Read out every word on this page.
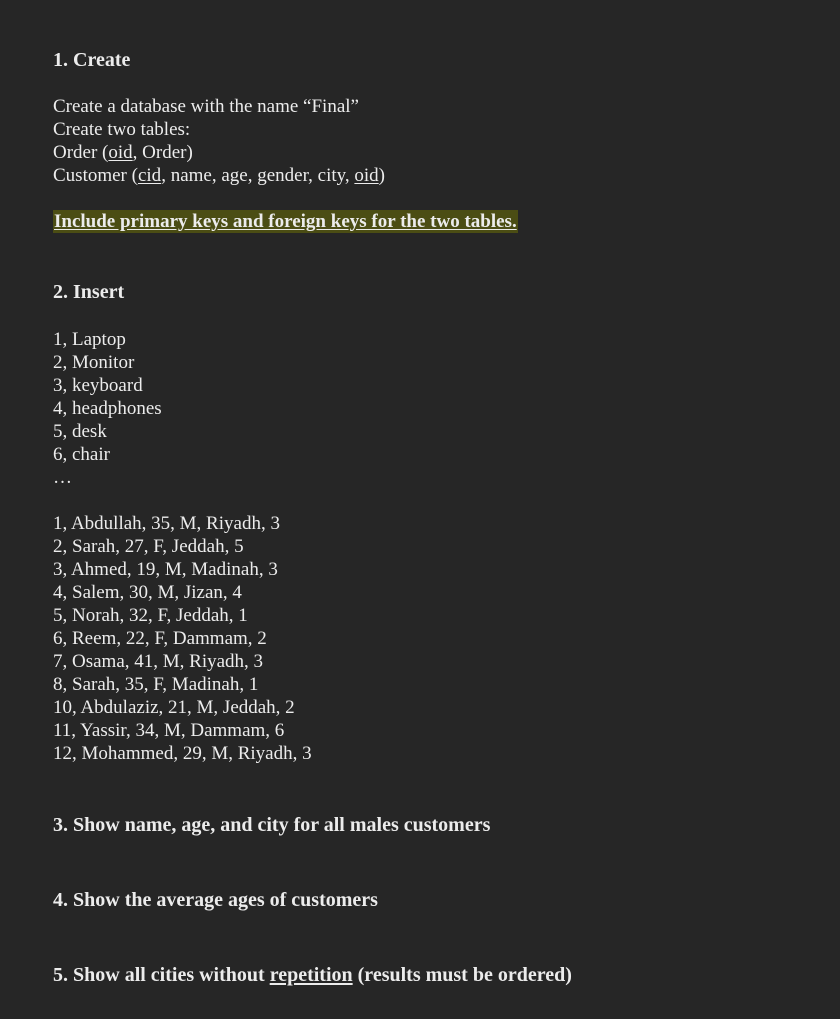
1. Create

Create a database with the name “Final”
Create two tables:
Order (oid, Order)
Customer (cid, name, age, gender, city, oid)
Include primary keys and foreign keys for the two tables.

2. Insert

1, Laptop
2, Monitor
3, keyboard
4, headphones
5, desk
6, chair
…
1, Abdullah, 35, M, Riyadh, 3
2, Sarah, 27, F, Jeddah, 5
3, Ahmed, 19, M, Madinah, 3
4, Salem, 30, M, Jizan, 4
5, Norah, 32, F, Jeddah, 1
6, Reem, 22, F, Dammam, 2
7, Osama, 41, M, Riyadh, 3
8, Sarah, 35, F, Madinah, 1
10, Abdulaziz, 21, M, Jeddah, 2
11, Yassir, 34, M, Dammam, 6
12, Mohammed, 29, M, Riyadh, 3

3. Show name, age, and city for all males customers

4. Show the average ages of customers

5. Show all cities without repetition (results must be ordered)
